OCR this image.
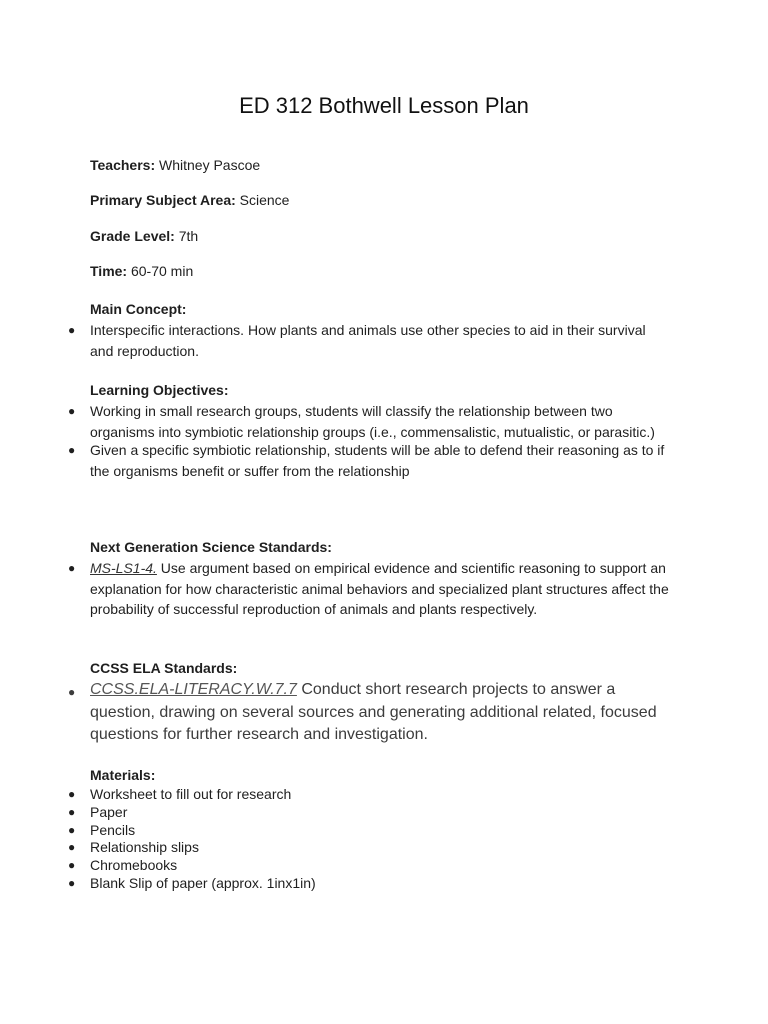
ED 312 Bothwell Lesson Plan
Teachers: Whitney Pascoe
Primary Subject Area: Science
Grade Level: 7th
Time: 60-70 min
Main Concept:
● Interspecific interactions. How plants and animals use other species to aid in their survival and reproduction.
Learning Objectives:
● Working in small research groups, students will classify the relationship between two organisms into symbiotic relationship groups (i.e., commensalistic, mutualistic, or parasitic.)
● Given a specific symbiotic relationship, students will be able to defend their reasoning as to if the organisms benefit or suffer from the relationship
Next Generation Science Standards:
● MS-LS1-4. Use argument based on empirical evidence and scientific reasoning to support an explanation for how characteristic animal behaviors and specialized plant structures affect the probability of successful reproduction of animals and plants respectively.
CCSS ELA Standards:
● CCSS.ELA-LITERACY.W.7.7 Conduct short research projects to answer a question, drawing on several sources and generating additional related, focused questions for further research and investigation.
Materials:
● Worksheet to fill out for research
● Paper
● Pencils
● Relationship slips
● Chromebooks
● Blank Slip of paper (approx. 1inx1in)
